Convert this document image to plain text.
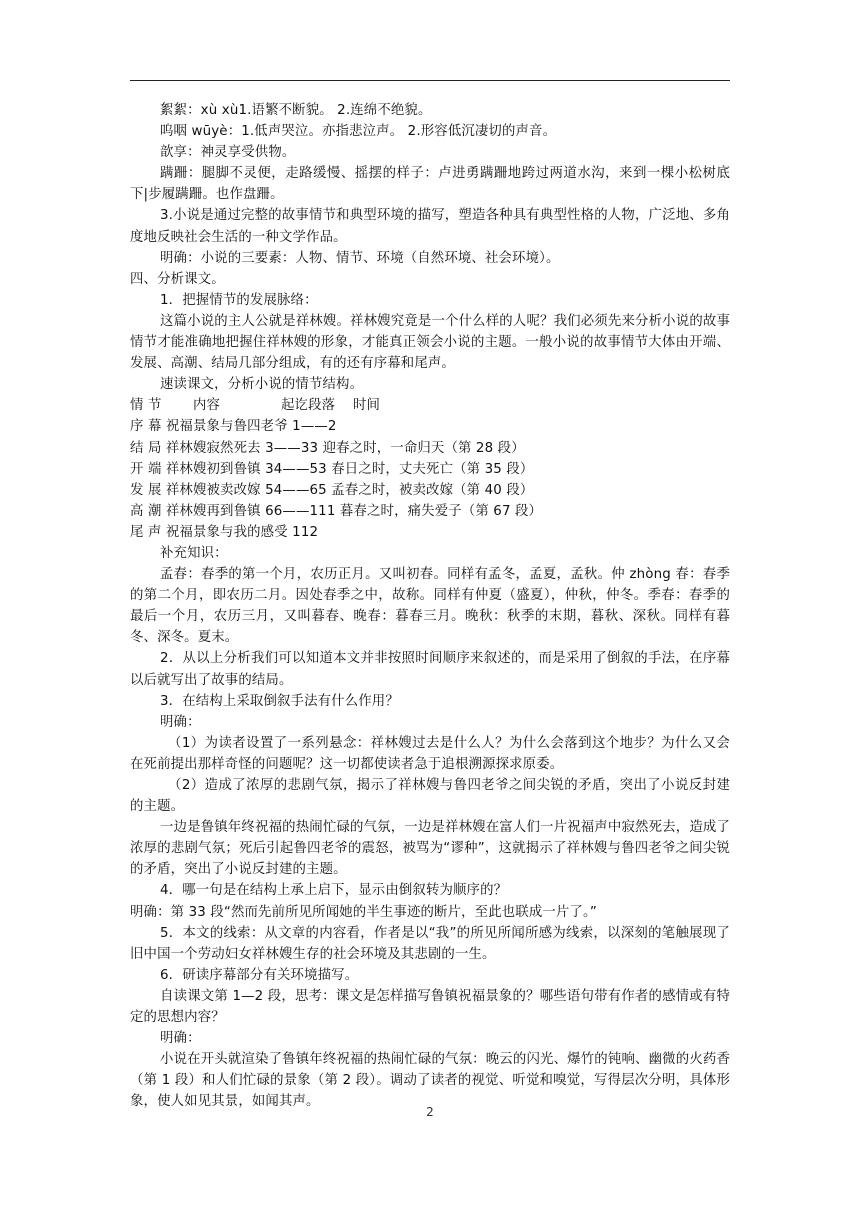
絮絮：xù xù1.语繁不断貌。 2.连绵不绝貌。

呜咽 wūyè：1.低声哭泣。亦指悲泣声。 2.形容低沉凄切的声音。

歆享：神灵享受供物。

蹒跚：腿脚不灵便，走路缓慢、摇摆的样子：卢进勇蹒跚地跨过两道水沟，来到一棵小松树底下|步履蹒跚。也作盘跚。

3.小说是通过完整的故事情节和典型环境的描写，塑造各种具有典型性格的人物，广泛地、多角度地反映社会生活的一种文学作品。

明确：小说的三要素：人物、情节、环境（自然环境、社会环境）。

四、分析课文。

1．把握情节的发展脉络：

这篇小说的主人公就是祥林嫂。祥林嫂究竟是一个什么样的人呢？我们必须先来分析小说的故事情节才能准确地把握住祥林嫂的形象，才能真正领会小说的主题。一般小说的故事情节大体由开端、发展、高潮、结局几部分组成，有的还有序幕和尾声。

速读课文，分析小说的情节结构。

情 节 内容	起讫段落 时间

序 幕 祝福景象与鲁四老爷 1——2

结 局 祥林嫂寂然死去 3——33 迎春之时，一命归天（第 28 段）

开 端 祥林嫂初到鲁镇 34——53 春日之时，丈夫死亡（第 35 段）

发 展 祥林嫂被卖改嫁 54——65 孟春之时，被卖改嫁（第 40 段）

高 潮 祥林嫂再到鲁镇 66——111 暮春之时，痛失爱子（第 67 段）

尾 声 祝福景象与我的感受 112

补充知识：

孟春：春季的第一个月，农历正月。又叫初春。同样有孟冬，孟夏，孟秋。仲 zhòng 春：春季的第二个月，即农历二月。因处春季之中，故称。同样有仲夏（盛夏），仲秋，仲冬。季春：春季的最后一个月，农历三月，又叫暮春、晚春：暮春三月。晚秋：秋季的末期，暮秋、深秋。同样有暮冬、深冬。夏末。

2．从以上分析我们可以知道本文并非按照时间顺序来叙述的，而是采用了倒叙的手法，在序幕以后就写出了故事的结局。

3．在结构上采取倒叙手法有什么作用？

明确：

（1）为读者设置了一系列悬念：祥林嫂过去是什么人？为什么会落到这个地步？为什么又会在死前提出那样奇怪的问题呢？这一切都使读者急于追根溯源探求原委。

（2）造成了浓厚的悲剧气氛，揭示了祥林嫂与鲁四老爷之间尖锐的矛盾，突出了小说反封建的主题。

一边是鲁镇年终祝福的热闹忙碌的气氛，一边是祥林嫂在富人们一片祝福声中寂然死去，造成了浓厚的悲剧气氛；死后引起鲁四老爷的震怒，被骂为“谬种”，这就揭示了祥林嫂与鲁四老爷之间尖锐的矛盾，突出了小说反封建的主题。

4．哪一句是在结构上承上启下，显示由倒叙转为顺序的？

明确：第 33 段“然而先前所见所闻她的半生事迹的断片，至此也联成一片了。”

5．本文的线索：从文章的内容看，作者是以“我”的所见所闻所感为线索，以深刻的笔触展现了旧中国一个劳动妇女祥林嫂生存的社会环境及其悲剧的一生。

6．研读序幕部分有关环境描写。

自读课文第 1—2 段，思考：课文是怎样描写鲁镇祝福景象的？哪些语句带有作者的感情或有特定的思想内容？

明确：

小说在开头就渲染了鲁镇年终祝福的热闹忙碌的气氛：晚云的闪光、爆竹的钝响、幽微的火药香（第 1 段）和人们忙碌的景象（第 2 段）。调动了读者的视觉、听觉和嗅觉，写得层次分明，具体形象，使人如见其景，如闻其声。

2
